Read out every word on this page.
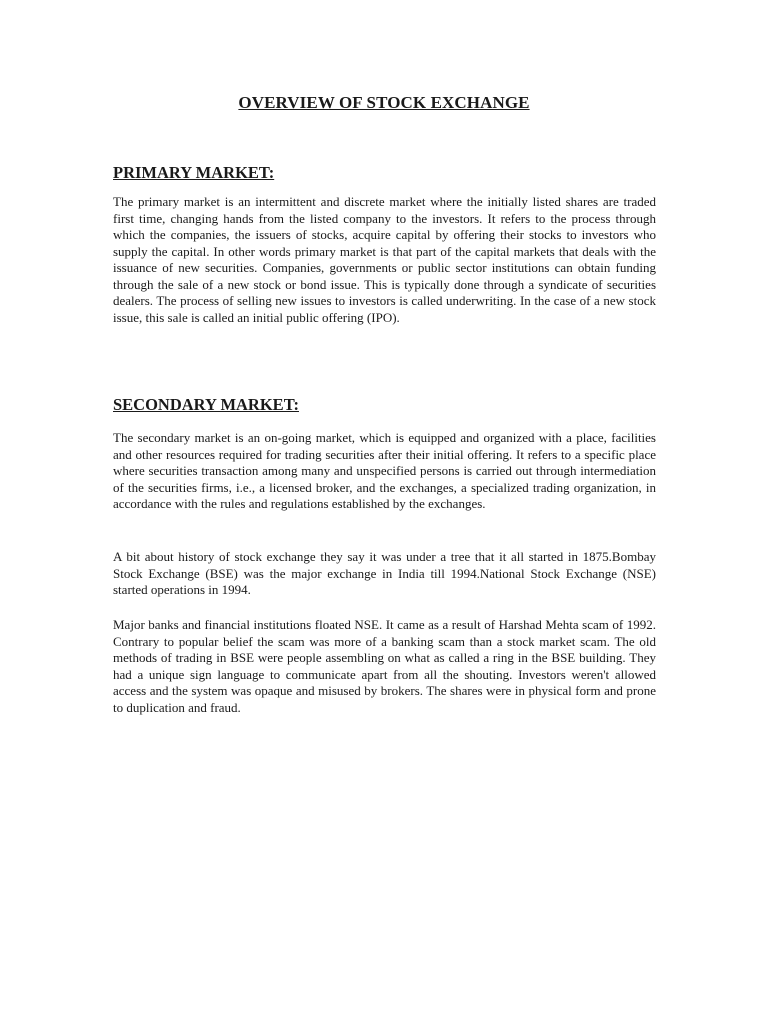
OVERVIEW OF STOCK EXCHANGE
PRIMARY MARKET:

The primary market is an intermittent and discrete market where the initially listed shares are traded first time, changing hands from the listed company to the investors. It refers to the process through which the companies, the issuers of stocks, acquire capital by offering their stocks to investors who supply the capital. In other words primary market is that part of the capital markets that deals with the issuance of new securities. Companies, governments or public sector institutions can obtain funding through the sale of a new stock or bond issue. This is typically done through a syndicate of securities dealers. The process of selling new issues to investors is called underwriting. In the case of a new stock issue, this sale is called an initial public offering (IPO).

SECONDARY MARKET:

The secondary market is an on-going market, which is equipped and organized with a place, facilities and other resources required for trading securities after their initial offering. It refers to a specific place where securities transaction among many and unspecified persons is carried out through intermediation of the securities firms, i.e., a licensed broker, and the exchanges, a specialized trading organization, in accordance with the rules and regulations established by the exchanges.

A bit about history of stock exchange they say it was under a tree that it all started in 1875.Bombay Stock Exchange (BSE) was the major exchange in India till 1994.National Stock Exchange (NSE) started operations in 1994.

Major banks and financial institutions floated NSE. It came as a result of Harshad Mehta scam of 1992. Contrary to popular belief the scam was more of a banking scam than a stock market scam. The old methods of trading in BSE were people assembling on what as called a ring in the BSE building. They had a unique sign language to communicate apart from all the shouting. Investors weren't allowed access and the system was opaque and misused by brokers. The shares were in physical form and prone to duplication and fraud.
